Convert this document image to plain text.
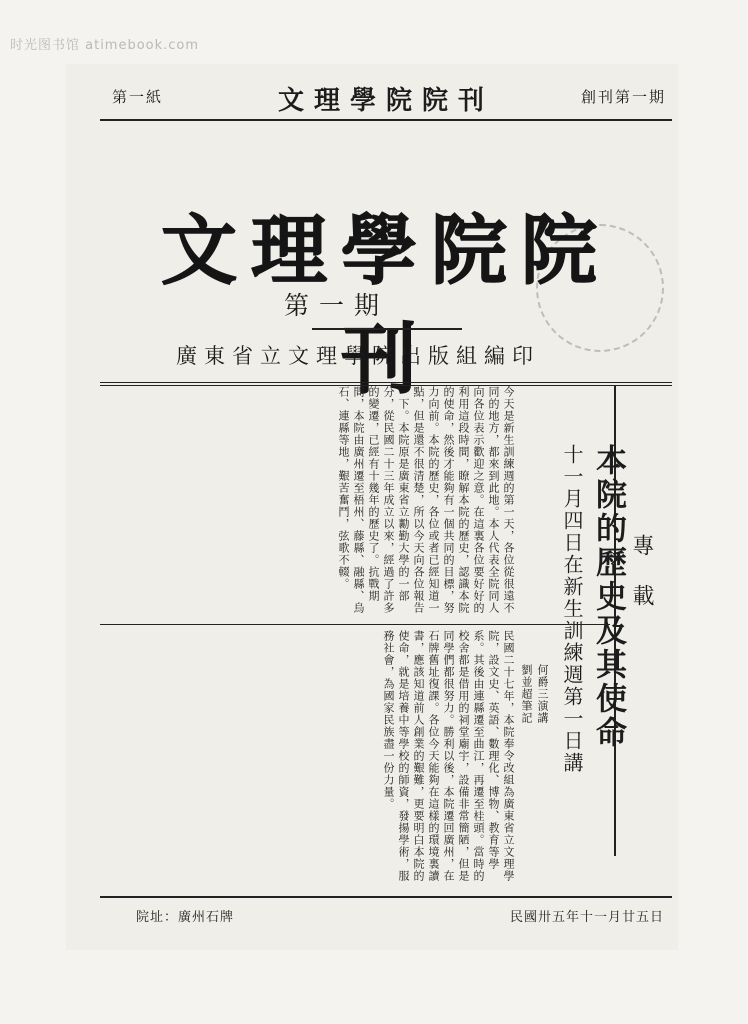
时光图书馆 atimebook.com
創刊第一期
文理學院院刊
第一紙
文理學院院刊
第一期
廣東省立文理學院出版組編印
專載
本院的歷史及其使命
十一月四日在新生訓練週第一日講
何爵三演講
劉並超筆記
今天是新生訓練週的第一天，各位從很遠不同的地方，都來到此地。本人代表全院同人向各位表示歡迎之意。在這裏各位要好好的利用這段時間，瞭解本院的歷史，認識本院的使命，然後才能夠有一個共同的目標，努力向前。本院的歷史，各位或者已經知道一點，但是還不很清楚，所以今天向各位報告一下。本院原是廣東省立勷勤大學的一部分，從民國二十三年成立以來，經過了許多的變遷，已經有十幾年的歷史了。抗戰期間，本院由廣州遷至梧州、藤縣、融縣、烏石、連縣等地，艱苦奮鬥，弦歌不輟。
民國二十七年，本院奉令改組為廣東省立文理學院，設文史、英語、數理化、博物、教育等學系。其後由連縣遷至曲江，再遷至桂頭。當時的校舍都是借用的祠堂廟宇，設備非常簡陋，但是同學們都很努力。勝利以後，本院遷回廣州，在石牌舊址復課。各位今天能夠在這樣的環境裏讀書，應該知道前人創業的艱難，更要明白本院的使命，就是培養中等學校的師資，發揚學術，服務社會，為國家民族盡一份力量。
院址：廣州石牌	民國卅五年十一月廿五日
